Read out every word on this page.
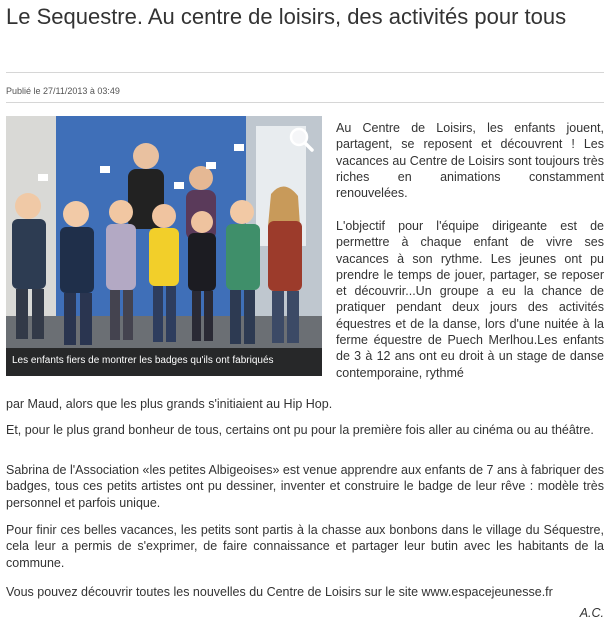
Le Sequestre. Au centre de loisirs, des activités pour tous
Publié le 27/11/2013 à 03:49
Les enfants fiers de montrer les badges qu'ils ont fabriqués

Au Centre de Loisirs, les enfants jouent, partagent, se reposent et découvrent ! Les vacances au Centre de Loisirs sont toujours très riches en animations constamment renouvelées.

L'objectif pour l'équipe dirigeante est de permettre à chaque enfant de vivre ses vacances à son rythme. Les jeunes ont pu prendre le temps de jouer, partager, se reposer et découvrir...Un groupe a eu la chance de pratiquer pendant deux jours des activités équestres et de la danse, lors d'une nuitée à la ferme équestre de Puech Merlhou.Les enfants de 3 à 12 ans ont eu droit à un stage de danse contemporaine, rythmé

par Maud, alors que les plus grands s'initiaient au Hip Hop.

Et, pour le plus grand bonheur de tous, certains ont pu pour la première fois aller au cinéma ou au théâtre.

Sabrina de l'Association «les petites Albigeoises» est venue apprendre aux enfants de 7 ans à fabriquer des badges, tous ces petits artistes ont pu dessiner, inventer et construire le badge de leur rêve : modèle très personnel et parfois unique.

Pour finir ces belles vacances, les petits sont partis à la chasse aux bonbons dans le village du Séquestre, cela leur a permis de s'exprimer, de faire connaissance et partager leur butin avec les habitants de la commune.

Vous pouvez découvrir toutes les nouvelles du Centre de Loisirs sur le site www.espacejeunesse.fr

A.C.
